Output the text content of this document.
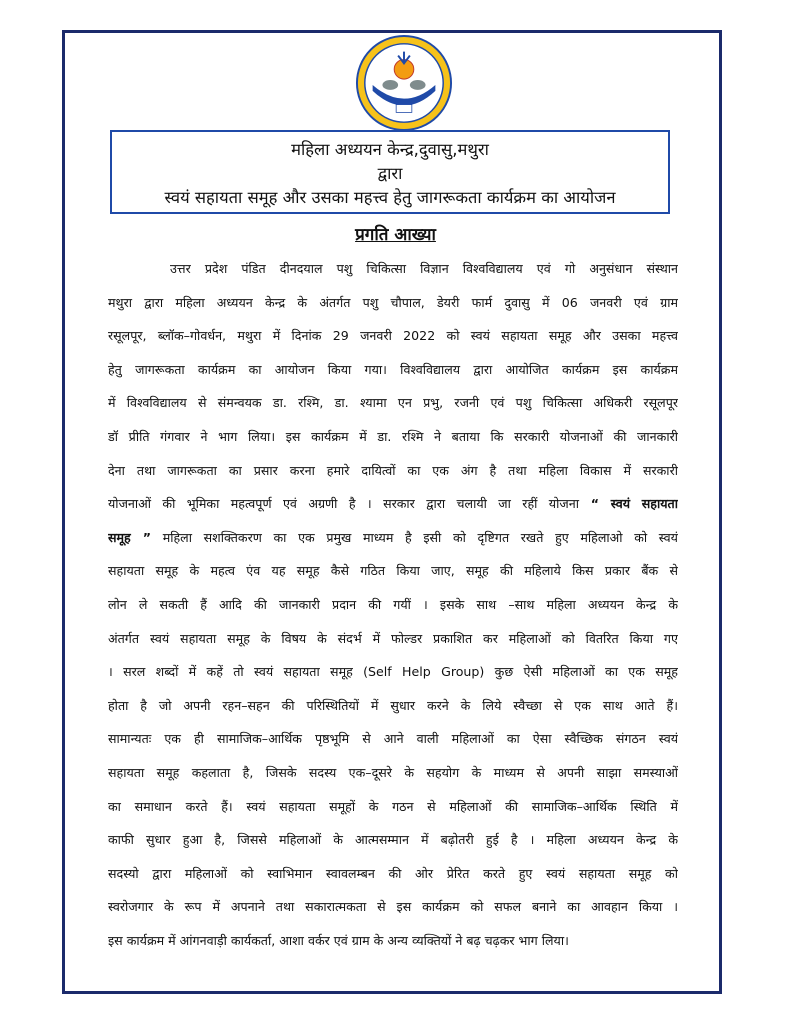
महिला अध्ययन केन्द्र,दुवासु,मथुरा
द्वारा
स्वयं सहायता समूह और उसका महत्त्व हेतु जागरूकता कार्यक्रम का आयोजन
प्रगति आख्या
उत्तर प्रदेश पंडित दीनदयाल पशु चिकित्सा विज्ञान विश्वविद्यालय एवं गो अनुसंधान संस्थान
मथुरा द्वारा महिला अध्ययन केन्द्र के अंतर्गत पशु चौपाल, डेयरी फार्म दुवासु में 06 जनवरी एवं ग्राम
रसूलपूर, ब्लॉक–गोवर्धन, मथुरा में दिनांक 29 जनवरी 2022 को स्वयं सहायता समूह और उसका महत्त्व
हेतु जागरूकता कार्यक्रम का आयोजन किया गया। विश्वविद्यालय द्वारा आयोजित कार्यक्रम इस कार्यक्रम
में विश्वविद्यालय से संमन्वयक डा. रश्मि, डा. श्यामा एन प्रभु, रजनी एवं पशु चिकित्सा अधिकरी रसूलपूर
डॉ प्रीति गंगवार ने भाग लिया। इस कार्यक्रम में डा. रश्मि ने बताया कि सरकारी योजनाओं की जानकारी
देना तथा जागरूकता का प्रसार करना हमारे दायित्वों का एक अंग है तथा महिला विकास में सरकारी
योजनाओं की भूमिका महत्वपूर्ण एवं अग्रणी है । सरकार द्वारा चलायी जा रहीं योजना “ स्वयं सहायता
समूह ” महिला सशक्तिकरण का एक प्रमुख माध्यम है इसी को दृष्टिगत रखते हुए महिलाओ को स्वयं
सहायता समूह के महत्व एंव यह समूह कैसे गठित किया जाए, समूह की महिलाये किस प्रकार बैंक से
लोन ले सकती हैं आदि की जानकारी प्रदान की गयीं । इसके साथ –साथ महिला अध्ययन केन्द्र के
अंतर्गत स्वयं सहायता समूह के विषय के संदर्भ में फोल्डर प्रकाशित कर महिलाओं को वितरित किया गए
। सरल शब्दों में कहें तो स्वयं सहायता समूह (Self Help Group) कुछ ऐसी महिलाओं का एक समूह
होता है जो अपनी रहन–सहन की परिस्थितियों में सुधार करने के लिये स्वैच्छा से एक साथ आते हैं।
सामान्यतः एक ही सामाजिक–आर्थिक पृष्ठभूमि से आने वाली महिलाओं का ऐसा स्वैच्छिक संगठन स्वयं
सहायता समूह कहलाता है, जिसके सदस्य एक–दूसरे के सहयोग के माध्यम से अपनी साझा समस्याओं
का समाधान करते हैं। स्वयं सहायता समूहों के गठन से महिलाओं की सामाजिक–आर्थिक स्थिति में
काफी सुधार हुआ है, जिससे महिलाओं के आत्मसम्मान में बढ़ोतरी हुई है । महिला अध्ययन केन्द्र के
सदस्यो द्वारा महिलाओं को स्वाभिमान स्वावलम्बन की ओर प्रेरित करते हुए स्वयं सहायता समूह को
स्वरोजगार के रूप में अपनाने तथा सकारात्मकता से इस कार्यक्रम को सफल बनाने का आवहान किया ।
इस कार्यक्रम में आंगनवाड़ी कार्यकर्ता, आशा वर्कर एवं ग्राम के अन्य व्यक्तियों ने बढ़ चढ़कर भाग लिया।
